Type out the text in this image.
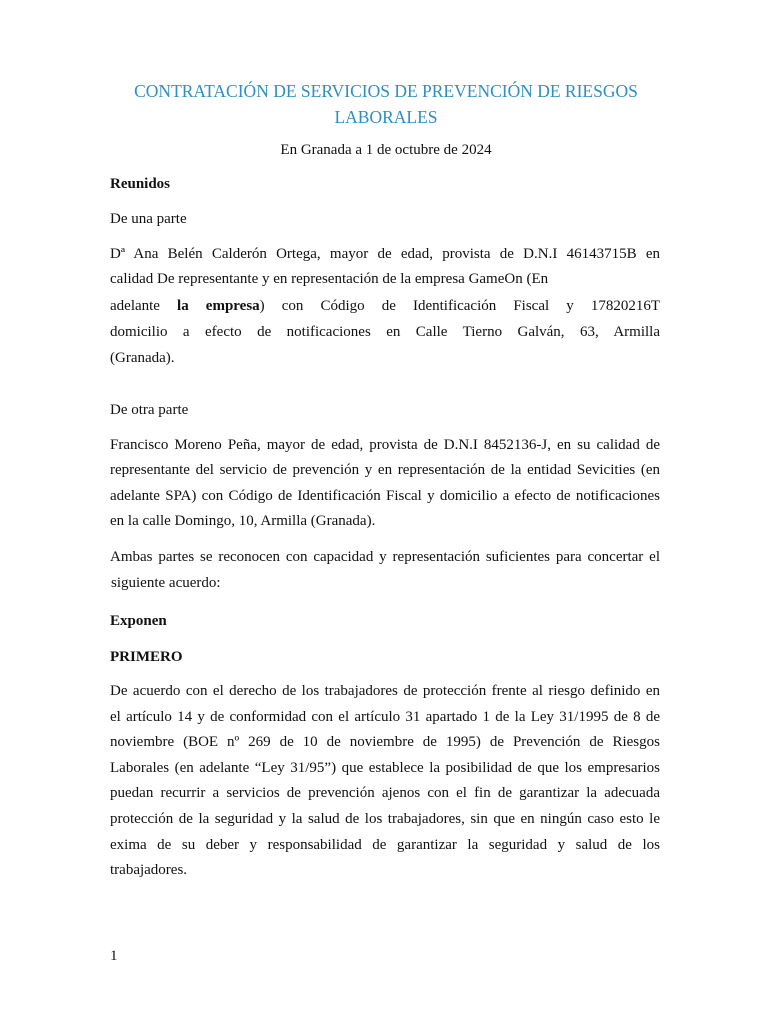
CONTRATACIÓN DE SERVICIOS DE PREVENCIÓN DE RIESGOS
LABORALES
En Granada a 1 de octubre de 2024
Reunidos
De una parte
Dª Ana Belén Calderón Ortega, mayor de edad, provista de D.N.I 46143715B en
calidad De representante y en representación de la empresa GameOn (En
adelante la empresa) con Código de Identificación Fiscal y 17820216T
domicilio a efecto de notificaciones en Calle Tierno Galván, 63, Armilla
(Granada).
De otra parte
Francisco Moreno Peña, mayor de edad, provista de D.N.I 8452136-J, en su calidad de
representante del servicio de prevención y en representación de la entidad Sevicities (en
adelante SPA) con Código de Identificación Fiscal y domicilio a efecto de notificaciones
en la calle Domingo, 10, Armilla (Granada).
Ambas partes se reconocen con capacidad y representación suficientes para concertar el
siguiente acuerdo:
Exponen
PRIMERO
De acuerdo con el derecho de los trabajadores de protección frente al riesgo definido en
el artículo 14 y de conformidad con el artículo 31 apartado 1 de la Ley 31/1995 de 8 de
noviembre (BOE nº 269 de 10 de noviembre de 1995) de Prevención de Riesgos
Laborales (en adelante “Ley 31/95”) que establece la posibilidad de que los empresarios
puedan recurrir a servicios de prevención ajenos con el fin de garantizar la adecuada
protección de la seguridad y la salud de los trabajadores, sin que en ningún caso esto le
exima de su deber y responsabilidad de garantizar la seguridad y salud de los
trabajadores.
1
